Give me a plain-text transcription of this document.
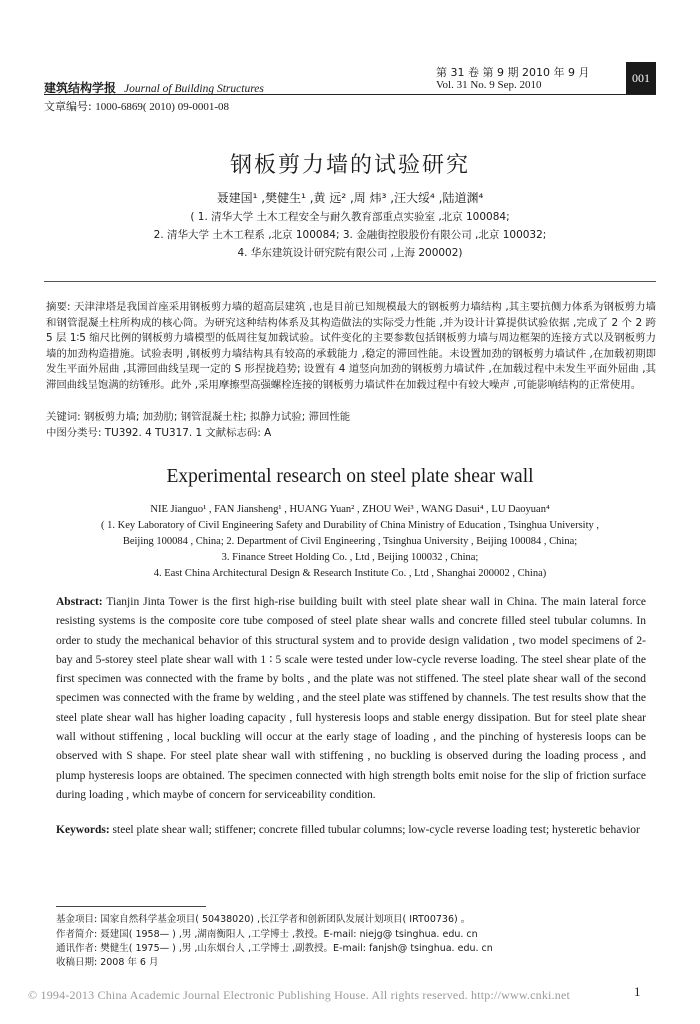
建筑结构学报 Journal of Building Structures
第 31 卷 第 9 期 2010 年 9 月
Vol. 31 No. 9 Sep. 2010	001
文章编号: 1000-6869( 2010) 09-0001-08
钢板剪力墙的试验研究
聂建国¹ ,樊健生¹ ,黄 远² ,周 炜³ ,汪大绥⁴ ,陆道渊⁴
( 1. 清华大学 土木工程安全与耐久教育部重点实验室 ,北京 100084;
2. 清华大学 土木工程系 ,北京 100084; 3. 金融街控股股份有限公司 ,北京 100032;
4. 华东建筑设计研究院有限公司 ,上海 200002)
摘要: 天津津塔是我国首座采用钢板剪力墙的超高层建筑 ,也是目前已知规模最大的钢板剪力墙结构 ,其主要抗侧力体系为钢板剪力墙和钢管混凝土柱所构成的核心筒。为研究这种结构体系及其构造做法的实际受力性能 ,并为设计计算提供试验依据 ,完成了 2 个 2 跨 5 层 1∶5 缩尺比例的钢板剪力墙模型的低周往复加载试验。试件变化的主要参数包括钢板剪力墙与周边框架的连接方式以及钢板剪力墙的加劲构造措施。试验表明 ,钢板剪力墙结构具有较高的承载能力 ,稳定的滞回性能。未设置加劲的钢板剪力墙试件 ,在加载初期即发生平面外屈曲 ,其滞回曲线呈现一定的 S 形捏拢趋势; 设置有 4 道竖向加劲的钢板剪力墙试件 ,在加载过程中未发生平面外屈曲 ,其滞回曲线呈饱满的纺锤形。此外 ,采用摩擦型高强螺栓连接的钢板剪力墙试件在加载过程中有较大噪声 ,可能影响结构的正常使用。
关键词: 钢板剪力墙; 加劲肋; 钢管混凝土柱; 拟静力试验; 滞回性能
中图分类号: TU392. 4 TU317. 1 文献标志码: A
Experimental research on steel plate shear wall
NIE Jianguo¹ , FAN Jiansheng¹ , HUANG Yuan² , ZHOU Wei³ , WANG Dasui⁴ , LU Daoyuan⁴
( 1. Key Laboratory of Civil Engineering Safety and Durability of China Ministry of Education , Tsinghua University ,
Beijing 100084 , China; 2. Department of Civil Engineering , Tsinghua University , Beijing 100084 , China;
3. Finance Street Holding Co. , Ltd , Beijing 100032 , China;
4. East China Architectural Design & Research Institute Co. , Ltd , Shanghai 200002 , China)
Abstract: Tianjin Jinta Tower is the first high-rise building built with steel plate shear wall in China. The main lateral force resisting systems is the composite core tube composed of steel plate shear walls and concrete filled steel tubular columns. In order to study the mechanical behavior of this structural system and to provide design validation , two model specimens of 2-bay and 5-storey steel plate shear wall with 1 ∶ 5 scale were tested under low-cycle reverse loading. The steel shear plate of the first specimen was connected with the frame by bolts , and the plate was not stiffened. The steel plate shear wall of the second specimen was connected with the frame by welding , and the steel plate was stiffened by channels. The test results show that the steel plate shear wall has higher loading capacity , full hysteresis loops and stable energy dissipation. But for steel plate shear wall without stiffening , local buckling will occur at the early stage of loading , and the pinching of hysteresis loops can be observed with S shape. For steel plate shear wall with stiffening , no buckling is observed during the loading process , and plump hysteresis loops are obtained. The specimen connected with high strength bolts emit noise for the slip of friction surface during loading , which maybe of concern for serviceability condition.
Keywords: steel plate shear wall; stiffener; concrete filled tubular columns; low-cycle reverse loading test; hysteretic behavior
基金项目: 国家自然科学基金项目( 50438020) ,长江学者和创新团队发展计划项目( IRT00736) 。
作者简介: 聂建国( 1958— ) ,男 ,湖南衡阳人 ,工学博士 ,教授。E-mail: niejg@ tsinghua. edu. cn
通讯作者: 樊健生( 1975— ) ,男 ,山东烟台人 ,工学博士 ,副教授。E-mail: fanjsh@ tsinghua. edu. cn
收稿日期: 2008 年 6 月
© 1994-2013 China Academic Journal Electronic Publishing House. All rights reserved. http://www.cnki.net	1
